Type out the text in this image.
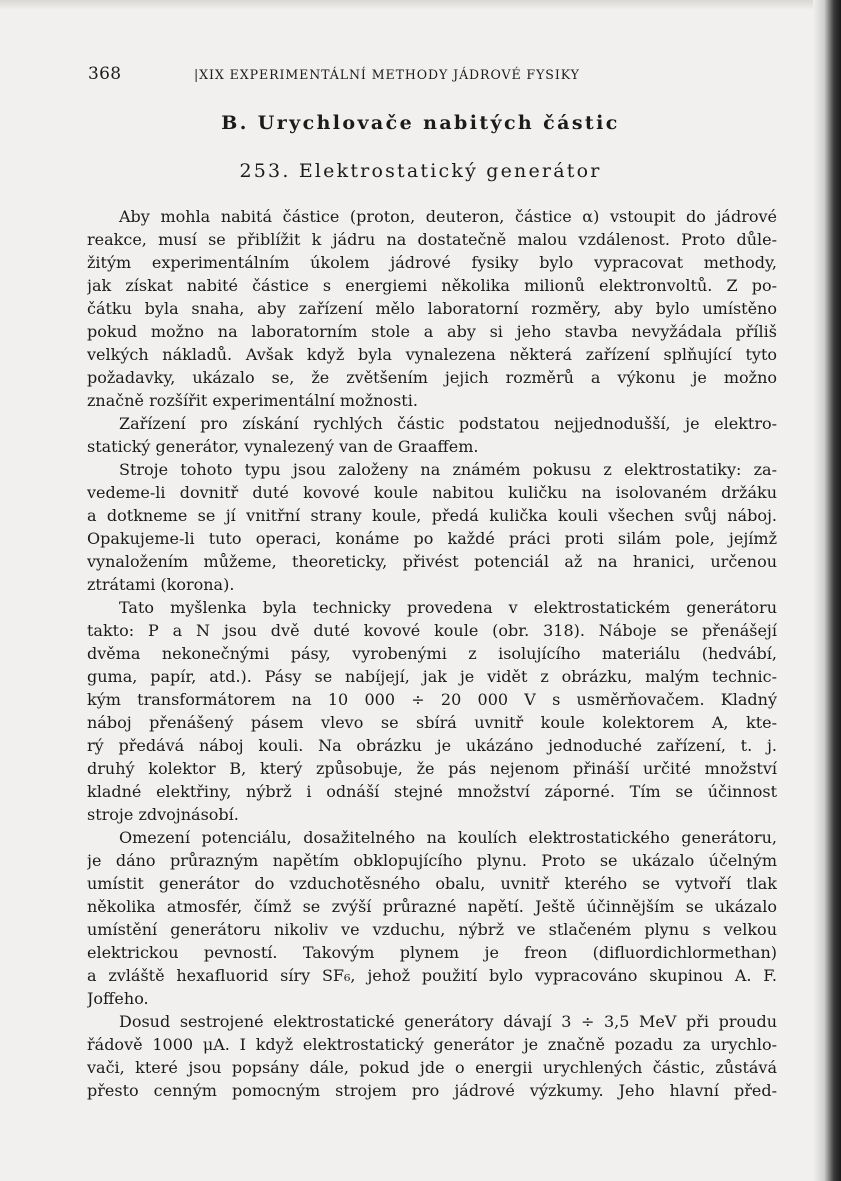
368	|XIX EXPERIMENTÁLNÍ METHODY JÁDROVÉ FYSIKY
B. Urychlovače nabitých částic
253. Elektrostatický generátor
Aby mohla nabitá částice (proton, deuteron, částice α) vstoupit do jádrové
reakce, musí se přiblížit k jádru na dostatečně malou vzdálenost. Proto důle-
žitým experimentálním úkolem jádrové fysiky bylo vypracovat methody,
jak získat nabité částice s energiemi několika milionů elektronvoltů. Z po-
čátku byla snaha, aby zařízení mělo laboratorní rozměry, aby bylo umístěno
pokud možno na laboratorním stole a aby si jeho stavba nevyžádala příliš
velkých nákladů. Avšak když byla vynalezena některá zařízení splňující tyto
požadavky, ukázalo se, že zvětšením jejich rozměrů a výkonu je možno
značně rozšířit experimentální možnosti.
Zařízení pro získání rychlých částic podstatou nejjednodušší, je elektro-
statický generátor, vynalezený van de Graaffem.
Stroje tohoto typu jsou založeny na známém pokusu z elektrostatiky: za-
vedeme-li dovnitř duté kovové koule nabitou kuličku na isolovaném držáku
a dotkneme se jí vnitřní strany koule, předá kulička kouli všechen svůj náboj.
Opakujeme-li tuto operaci, konáme po každé práci proti silám pole, jejímž
vynaložením můžeme, theoreticky, přivést potenciál až na hranici, určenou
ztrátami (korona).
Tato myšlenka byla technicky provedena v elektrostatickém generátoru
takto: P a N jsou dvě duté kovové koule (obr. 318). Náboje se přenášejí
dvěma nekonečnými pásy, vyrobenými z isolujícího materiálu (hedvábí,
guma, papír, atd.). Pásy se nabíjejí, jak je vidět z obrázku, malým technic-
kým transformátorem na 10 000 ÷ 20 000 V s usměrňovačem. Kladný
náboj přenášený pásem vlevo se sbírá uvnitř koule kolektorem A, kte-
rý předává náboj kouli. Na obrázku je ukázáno jednoduché zařízení, t. j.
druhý kolektor B, který způsobuje, že pás nejenom přináší určité množství
kladné elektřiny, nýbrž i odnáší stejné množství záporné. Tím se účinnost
stroje zdvojnásobí.
Omezení potenciálu, dosažitelného na koulích elektrostatického generátoru,
je dáno průrazným napětím obklopujícího plynu. Proto se ukázalo účelným
umístit generátor do vzduchotěsného obalu, uvnitř kterého se vytvoří tlak
několika atmosfér, čímž se zvýší průrazné napětí. Ještě účinnějším se ukázalo
umístění generátoru nikoliv ve vzduchu, nýbrž ve stlačeném plynu s velkou
elektrickou pevností. Takovým plynem je freon (difluordichlormethan)
a zvláště hexafluorid síry SF₆, jehož použití bylo vypracováno skupinou A. F.
Joffeho.
Dosud sestrojené elektrostatické generátory dávají 3 ÷ 3,5 MeV při proudu
řádově 1000 μA. I když elektrostatický generátor je značně pozadu za urychlo-
vači, které jsou popsány dále, pokud jde o energii urychlených částic, zůstává
přesto cenným pomocným strojem pro jádrové výzkumy. Jeho hlavní před-
